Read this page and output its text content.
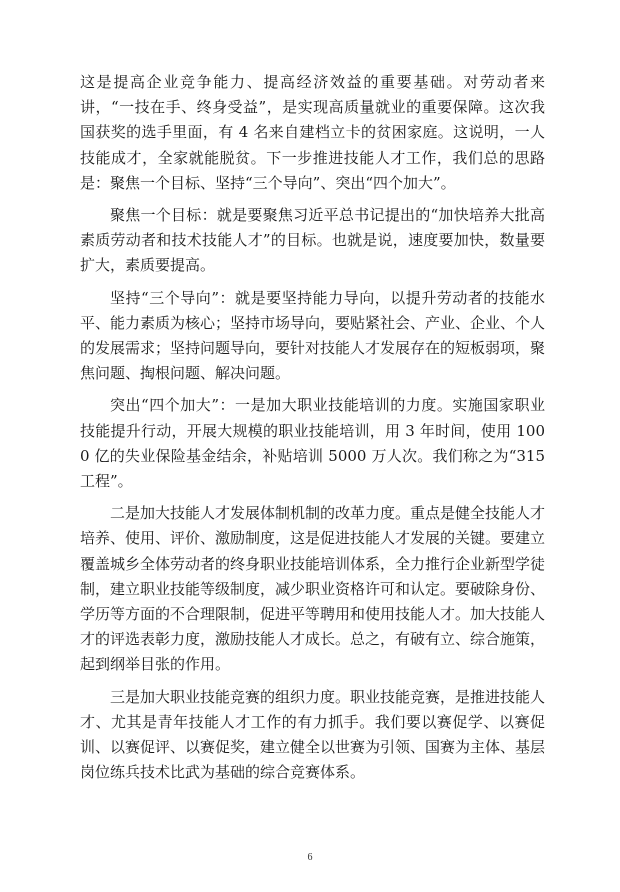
这是提高企业竞争能力、提高经济效益的重要基础。对劳动者来讲，“一技在手、终身受益”，是实现高质量就业的重要保障。这次我国获奖的选手里面，有 4 名来自建档立卡的贫困家庭。这说明，一人技能成才，全家就能脱贫。下一步推进技能人才工作，我们总的思路是：聚焦一个目标、坚持“三个导向”、突出“四个加大”。

聚焦一个目标：就是要聚焦习近平总书记提出的“加快培养大批高素质劳动者和技术技能人才”的目标。也就是说，速度要加快，数量要扩大，素质要提高。

坚持“三个导向”：就是要坚持能力导向，以提升劳动者的技能水平、能力素质为核心；坚持市场导向，要贴紧社会、产业、企业、个人的发展需求；坚持问题导向，要针对技能人才发展存在的短板弱项，聚焦问题、掏根问题、解决问题。

突出“四个加大”：一是加大职业技能培训的力度。实施国家职业技能提升行动，开展大规模的职业技能培训，用 3 年时间，使用 1000 亿的失业保险基金结余，补贴培训 5000 万人次。我们称之为“315 工程”。

二是加大技能人才发展体制机制的改革力度。重点是健全技能人才培养、使用、评价、激励制度，这是促进技能人才发展的关键。要建立覆盖城乡全体劳动者的终身职业技能培训体系，全力推行企业新型学徒制，建立职业技能等级制度，减少职业资格许可和认定。要破除身份、学历等方面的不合理限制，促进平等聘用和使用技能人才。加大技能人才的评选表彰力度，激励技能人才成长。总之，有破有立、综合施策，起到纲举目张的作用。

三是加大职业技能竞赛的组织力度。职业技能竞赛，是推进技能人才、尤其是青年技能人才工作的有力抓手。我们要以赛促学、以赛促训、以赛促评、以赛促奖，建立健全以世赛为引领、国赛为主体、基层岗位练兵技术比武为基础的综合竞赛体系。

6
